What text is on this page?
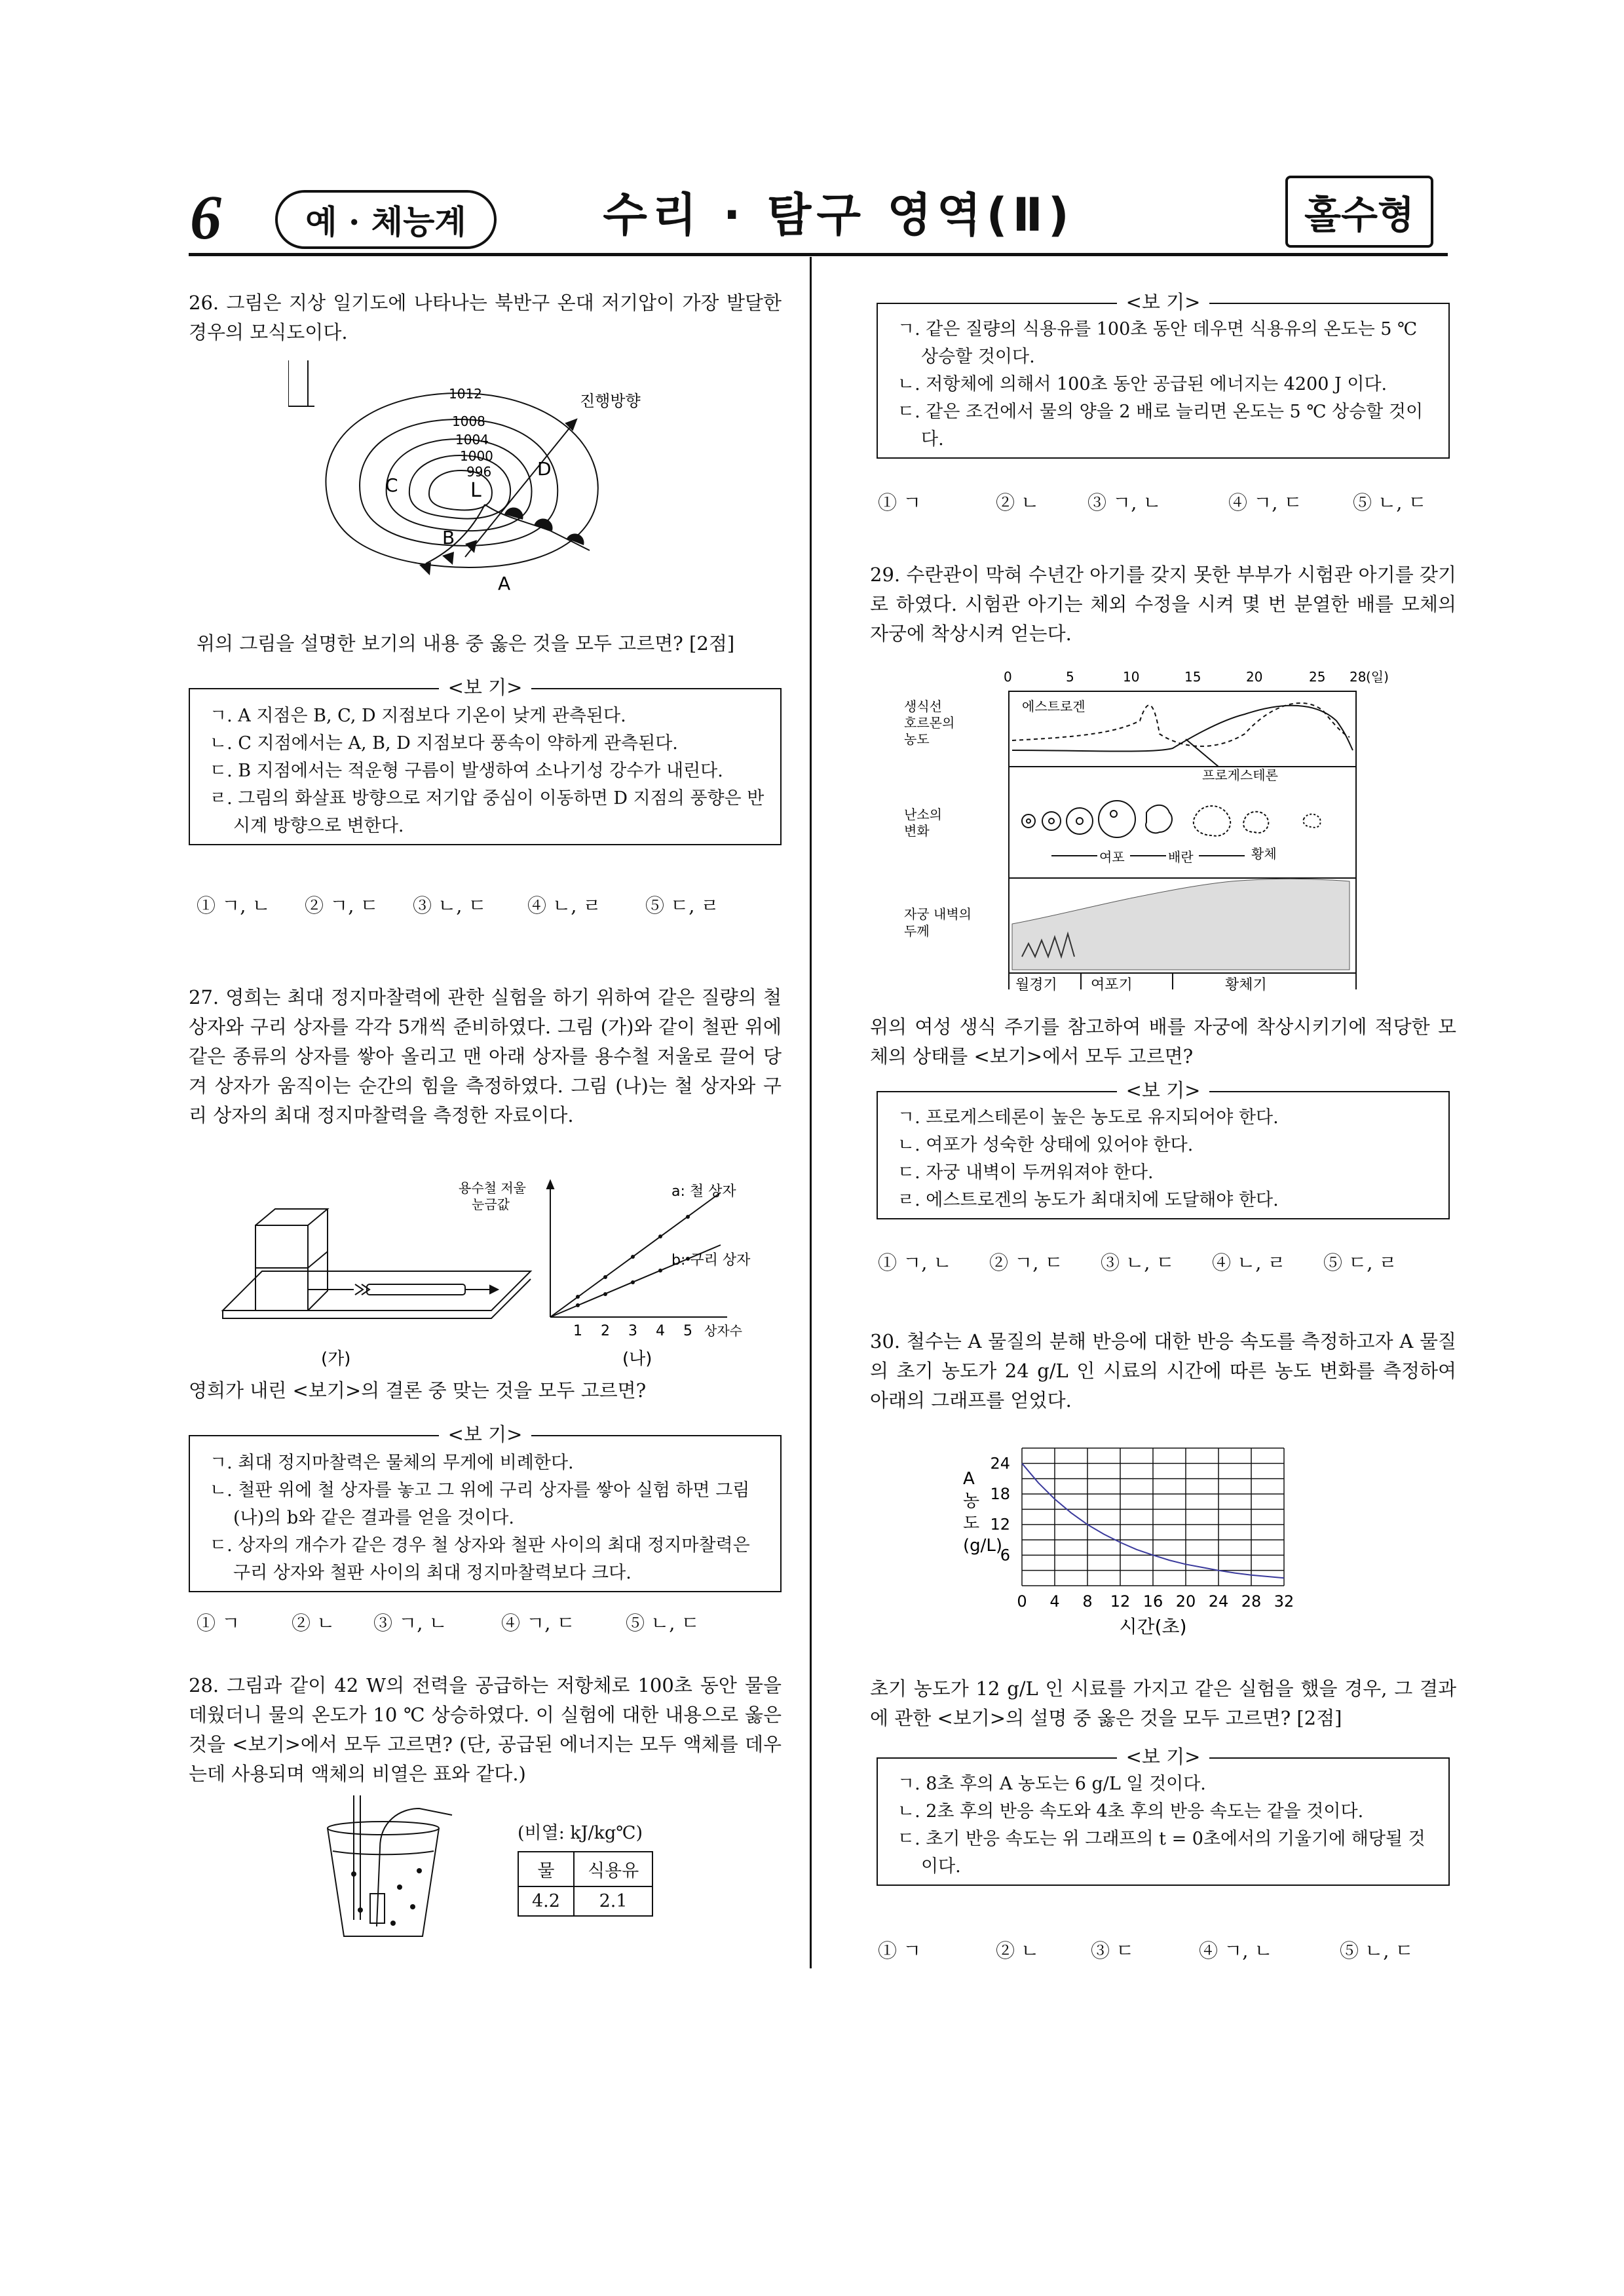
6	예 · 체능계	수리 · 탐구 영역(Ⅱ)	홀수형
26. 그림은 지상 일기도에 나타나는 북반구 온대 저기압이 가장 발달한 경우의 모식도이다.
1012
1008
1004
1000
996
L
진행방향
A
B
C
D
위의 그림을 설명한 보기의 내용 중 옳은 것을 모두 고르면? [2점]
<보 기>
ㄱ. A 지점은 B, C, D 지점보다 기온이 낮게 관측된다.
ㄴ. C 지점에서는 A, B, D 지점보다 풍속이 약하게 관측된다.
ㄷ. B 지점에서는 적운형 구름이 발생하여 소나기성 강수가 내린다.
ㄹ. 그림의 화살표 방향으로 저기압 중심이 이동하면 D 지점의 풍향은 반시계 방향으로 변한다.
① ㄱ, ㄴ	② ㄱ, ㄷ	③ ㄴ, ㄷ	④ ㄴ, ㄹ	⑤ ㄷ, ㄹ
27. 영희는 최대 정지마찰력에 관한 실험을 하기 위하여 같은 질량의 철 상자와 구리 상자를 각각 5개씩 준비하였다. 그림 (가)와 같이 철판 위에 같은 종류의 상자를 쌓아 올리고 맨 아래 상자를 용수철 저울로 끌어 당겨 상자가 움직이는 순간의 힘을 측정하였다. 그림 (나)는 철 상자와 구리 상자의 최대 정지마찰력을 측정한 자료이다.
용수철 저울
눈금값
a: 철 상자
b: 구리 상자
1 2 3 4 5 상자수
(가)	(나)
영희가 내린 <보기>의 결론 중 맞는 것을 모두 고르면?
<보 기>
ㄱ. 최대 정지마찰력은 물체의 무게에 비례한다.
ㄴ. 철판 위에 철 상자를 놓고 그 위에 구리 상자를 쌓아 실험 하면 그림 (나)의 b와 같은 결과를 얻을 것이다.
ㄷ. 상자의 개수가 같은 경우 철 상자와 철판 사이의 최대 정지마찰력은 구리 상자와 철판 사이의 최대 정지마찰력보다 크다.
① ㄱ	② ㄴ	③ ㄱ, ㄴ	④ ㄱ, ㄷ	⑤ ㄴ, ㄷ
28. 그림과 같이 42 W의 전력을 공급하는 저항체로 100초 동안 물을 데웠더니 물의 온도가 10 ℃ 상승하였다. 이 실험에 대한 내용으로 옳은 것을 <보기>에서 모두 고르면? (단, 공급된 에너지는 모두 액체를 데우는데 사용되며 액체의 비열은 표와 같다.)
(비열: kJ/kg℃)
물	식용유
4.2	2.1
<보 기>
ㄱ. 같은 질량의 식용유를 100초 동안 데우면 식용유의 온도는 5 ℃ 상승할 것이다.
ㄴ. 저항체에 의해서 100초 동안 공급된 에너지는 4200 J 이다.
ㄷ. 같은 조건에서 물의 양을 2 배로 늘리면 온도는 5 ℃ 상승할 것이다.
① ㄱ	② ㄴ	③ ㄱ, ㄴ	④ ㄱ, ㄷ	⑤ ㄴ, ㄷ
29. 수란관이 막혀 수년간 아기를 갖지 못한 부부가 시험관 아기를 갖기로 하였다. 시험관 아기는 체외 수정을 시켜 몇 번 분열한 배를 모체의 자궁에 착상시켜 얻는다.
0	5	10	15	20	25 28 (일)
생식선
호르몬의
농도
난소의
변화
자궁 내벽의
두께
에스트로겐
프로게스테론
여포	배란	황체
월경기 여포기	황체기
위의 여성 생식 주기를 참고하여 배를 자궁에 착상시키기에 적당한 모체의 상태를 <보기>에서 모두 고르면?
<보 기>
ㄱ. 프로게스테론이 높은 농도로 유지되어야 한다.
ㄴ. 여포가 성숙한 상태에 있어야 한다.
ㄷ. 자궁 내벽이 두꺼워져야 한다.
ㄹ. 에스트로겐의 농도가 최대치에 도달해야 한다.
① ㄱ, ㄴ	② ㄱ, ㄷ	③ ㄴ, ㄷ	④ ㄴ, ㄹ	⑤ ㄷ, ㄹ
30. 철수는 A 물질의 분해 반응에 대한 반응 속도를 측정하고자 A 물질의 초기 농도가 24 g/L 인 시료의 시간에 따른 농도 변화를 측정하여 아래의 그래프를 얻었다.
0 4 8 12 16 20 24 28 32
6
12
18
24
A 농 도 (g/L)
시간(초)
초기 농도가 12 g/L 인 시료를 가지고 같은 실험을 했을 경우, 그 결과에 관한 <보기>의 설명 중 옳은 것을 모두 고르면? [2점]
<보 기>
ㄱ. 8초 후의 A 농도는 6 g/L 일 것이다.
ㄴ. 2초 후의 반응 속도와 4초 후의 반응 속도는 같을 것이다.
ㄷ. 초기 반응 속도는 위 그래프의 t = 0초에서의 기울기에 해당될 것이다.
① ㄱ	② ㄴ	③ ㄷ	④ ㄱ, ㄴ	⑤ ㄴ, ㄷ
